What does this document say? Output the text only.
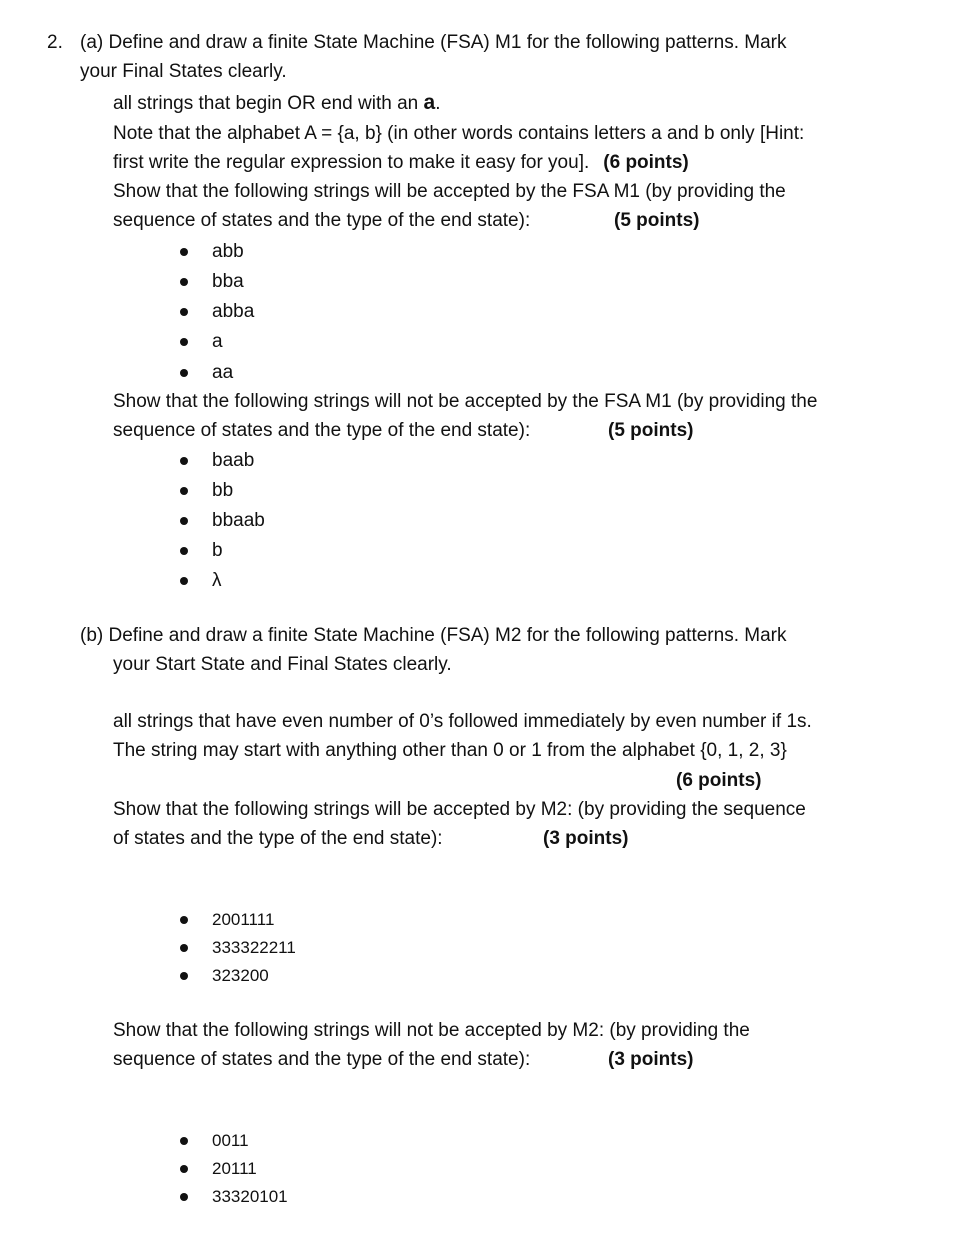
2. (a) Define and draw a finite State Machine (FSA) M1 for the following patterns. Mark
your Final States clearly.
all strings that begin OR end with an a.
Note that the alphabet A = {a, b} (in other words contains letters a and b only [Hint:
first write the regular expression to make it easy for you]. (6 points)
Show that the following strings will be accepted by the FSA M1 (by providing the
sequence of states and the type of the end state):	(5 points)
abb
bba
abba
a
aa
Show that the following strings will not be accepted by the FSA M1 (by providing the
sequence of states and the type of the end state):	(5 points)
baab
bb
bbaab
b
λ
(b) Define and draw a finite State Machine (FSA) M2 for the following patterns. Mark
your Start State and Final States clearly.
all strings that have even number of 0’s followed immediately by even number if 1s.
The string may start with anything other than 0 or 1 from the alphabet {0, 1, 2, 3}
(6 points)
Show that the following strings will be accepted by M2: (by providing the sequence
of states and the type of the end state):	(3 points)
2001111
333322211
323200
Show that the following strings will not be accepted by M2: (by providing the
sequence of states and the type of the end state):	(3 points)
0011
20111
33320101
